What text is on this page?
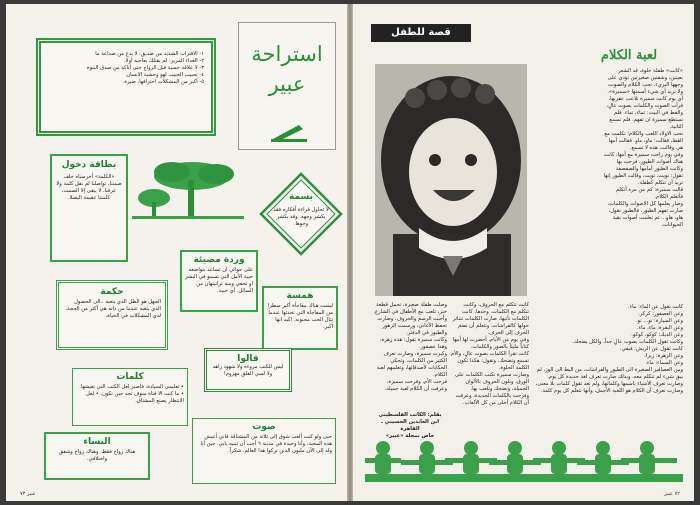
١- الاقتراب الشديد من صديق: لا يدع من صداعة ما
٢- الغداء المرير: لم يقتلك يعاجبه أولا.
٣- لا علاقة حسية قبل الزواج حتى أتاكد من صدق البنوة
٤- تحبيب الحبيب لهو وحشية الانسان
٥- أكبر من المشكلات احترافها، ضيرة.
استراحة عبير
بطاقة دخول
«الكلمة» أخرسناه خلف صمتنا، تواصلنا لم نقل كلمة ولا عرفنا، لا يبقى إلا الصمت، كلمتنا عقيمة البصلا.	بسمة
لا تحاول قراءة أفكاره فقد يكشر وجهه. وقد يكشر وجوها.
وردة مضيئة
على حوائي ان تساعد بتواضعه حيبة الأمل التي تسمو في البشر او تخفي ومنه تراتبتهان من السائل. أي خيبة.
حكمة
الجهل هو الظل الذي يتعبه ..الى الحصول الذي يتعبه عندما من ذاته هي أكثر من الحجة، لدي المشكلات في الحياة.
همسة
ليست هناك مفاجأة أكبر سطرا من المفاجأة التي تحدثها عندما تنال الحب محبوبه. اكيد انها أكبر.
قالوا
ليس للكتب مروءة ولا شهود زاهد ولا لسي القلق مهزوم!
كلمات
• تعليمي السيادة، فاصبر لعل الكتب التي تعيشها. • ما كنت الا فتاة سوف تجد حين تكون. • لعل الانتظار يصنع المشتاق.
صوت
حتى ولو كنت ألعب شوق إلى ثلاثة من المشتاقة فاني أعيش هذه المحبة، وأنا وحيدة في مدينة ٦ أحب أن تبنيه بابي. حين أنا ولد إلى الآن مليون الذين تركوا هذا العالم. شكراً.
النساء
هناك زواج فقط. وهناك زواج وشقق واختلافي.
عبير ٧٣
قصة للطفل
لعبة الكلام
«كانت» طفلة حلوة، قد الشعر بعينين، وشفتين صغيرتين تؤدي على وجهها البريء، تحب الكلام والصوت، ولا تريد أي شيء أسمتها «سميرة». أي يوم كانت سميرة تلاعب عقربها، فرأت الصوت والكلمات بصوت عالٍ، والقط في البيت: تماء، تماء. فلم تستطع سميرة ان تفهم. فلم تسمع الثانية.
تحب الاولاد اللعب والكلام؛ تكلمت مع القط، فقالت: ماو، ماو. فقالت أمها هي وقالت، هذه لا تسمع.
وفي يوم راحت سميرة مع أمها، كانت هناك أصوات الطيور، فرحت بها وكانت الطيور أمامها والصفصفة تقول: تويت، تويت، وقالت الطيور إنها تريد أن تتكلم كطفلة.
قالت سميرة: كم من مرة أتكلم فأتعلم الكلام.
وصار يعلمها كل الاصوات والكلمات، صارت تفهم الطيور، فالطيور تقول، هاو، هاو... ثم تعلمت أصوات بقية الحيوانات.
كانت تقول عن الماء: ماء.
وعن العصفور: كركر.
وعن السيارة: تو... تو.
وعن البقرة: ماء، ماء.
وعن الديك: كوكو، كوكو.
وكانت تقول الكلمات بصوت عالٍ جداً، والكل يضحك.
كانت تقول عن الريش: فيفي.
وعن الزهرة: زيزا.
وعن السماء: ماء.
ومن العصافير الصغيرة الى الطيور والفراشات، من البط الى الوز، لم يبق شيء لم تتكلم معه، وبذلك صارت تعرف لغة جديدة كل يوم.
وصارت تعرف الأشياء باسمها وكلماتها، ولم تعد تقول كلمات بلا معنى، وصارت تعرف أن الكلام هو اللعبة الأجمل، وأنها تتعلم كل يوم كلمة.
وصلت طفلة صغيرة، تحمل قطعة خبز، تلعب مع الأطفال في الشارع. وأحبت الرسم والحروف، وصارت تحفظ الأغاني، ورسمت الزهور والطيور في الدفتر.
وكانت سميرة تقول: هذه زهرة، وهذا عصفور.
وكبرت سميرة، وصارت تعرف الكثير من الكلمات، وتحكي الحكايات لأصدقائها، وتعلمهم لعبة الكلام.
فرحت الأم، وفرحت سميرة، وعرفت أن الكلام لعبة جميلة.
كانت تتكلم مع الحروف، وكانت تتكلم مع الكلمات. وحدها، كانت الكلمات تأتيها، صارت الكلمات تتناثر حولها كالفراشات، وتتعلم أن تضم الحرف إلى الحرف.
وفي يوم من الأيام، أحضرت لها أمها كتاباً مليئاً بالصور والكلمات.
كانت تقرأ الكلمات بصوت عالٍ، والأم تسمع وتضحك، وتقول: هكذا تكون الكلمة الحلوة.
وصارت سميرة تكتب الكلمات على الورق، وتلون الحروف بالألوان الجميلة، وتضحك وتلعب بها.
وفرحت بالكلمات الجديدة، وعرفت أن الكلام أحلى من كل الألعاب.
بقلم: الكاتب الفلسطيني
ابن العابدين الحسيني ـ القاهرة
حاص بمجلة «عبير»
٧٢ عبير
